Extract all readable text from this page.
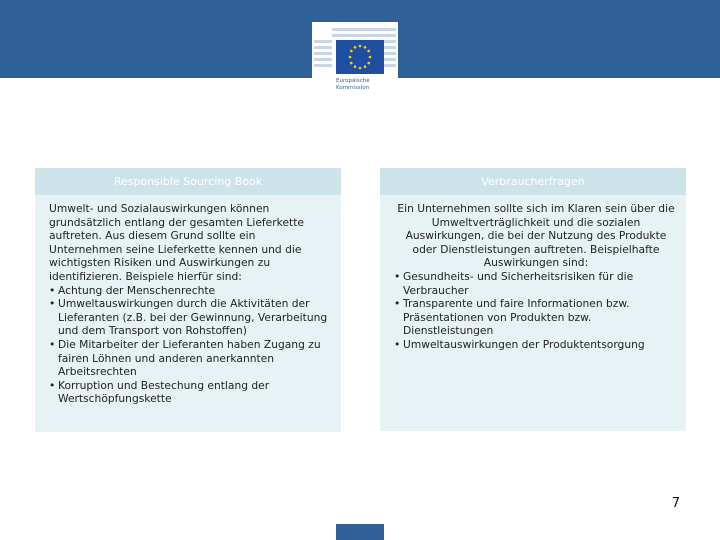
Europäische Kommission
Responsible Sourcing Book

Umwelt- und Sozialauswirkungen können grundsätzlich entlang der gesamten Lieferkette auftreten. Aus diesem Grund sollte ein Unternehmen seine Lieferkette kennen und die wichtigsten Risiken und Auswirkungen zu identifizieren. Beispiele hierfür sind:

• Achtung der Menschenrechte
• Umweltauswirkungen durch die Aktivitäten der Lieferanten (z.B. bei der Gewinnung, Verarbeitung und dem Transport von Rohstoffen)
• Die Mitarbeiter der Lieferanten haben Zugang zu fairen Löhnen und anderen anerkannten Arbeitsrechten
• Korruption und Bestechung entlang der Wertschöpfungskette
Verbraucherfragen

Ein Unternehmen sollte sich im Klaren sein über die Umweltverträglichkeit und die sozialen Auswirkungen, die bei der Nutzung des Produkte oder Dienstleistungen auftreten. Beispielhafte Auswirkungen sind:

• Gesundheits- und Sicherheitsrisiken für die Verbraucher
• Transparente und faire Informationen bzw. Präsentationen von Produkten bzw. Dienstleistungen
• Umweltauswirkungen der Produktentsorgung
7
